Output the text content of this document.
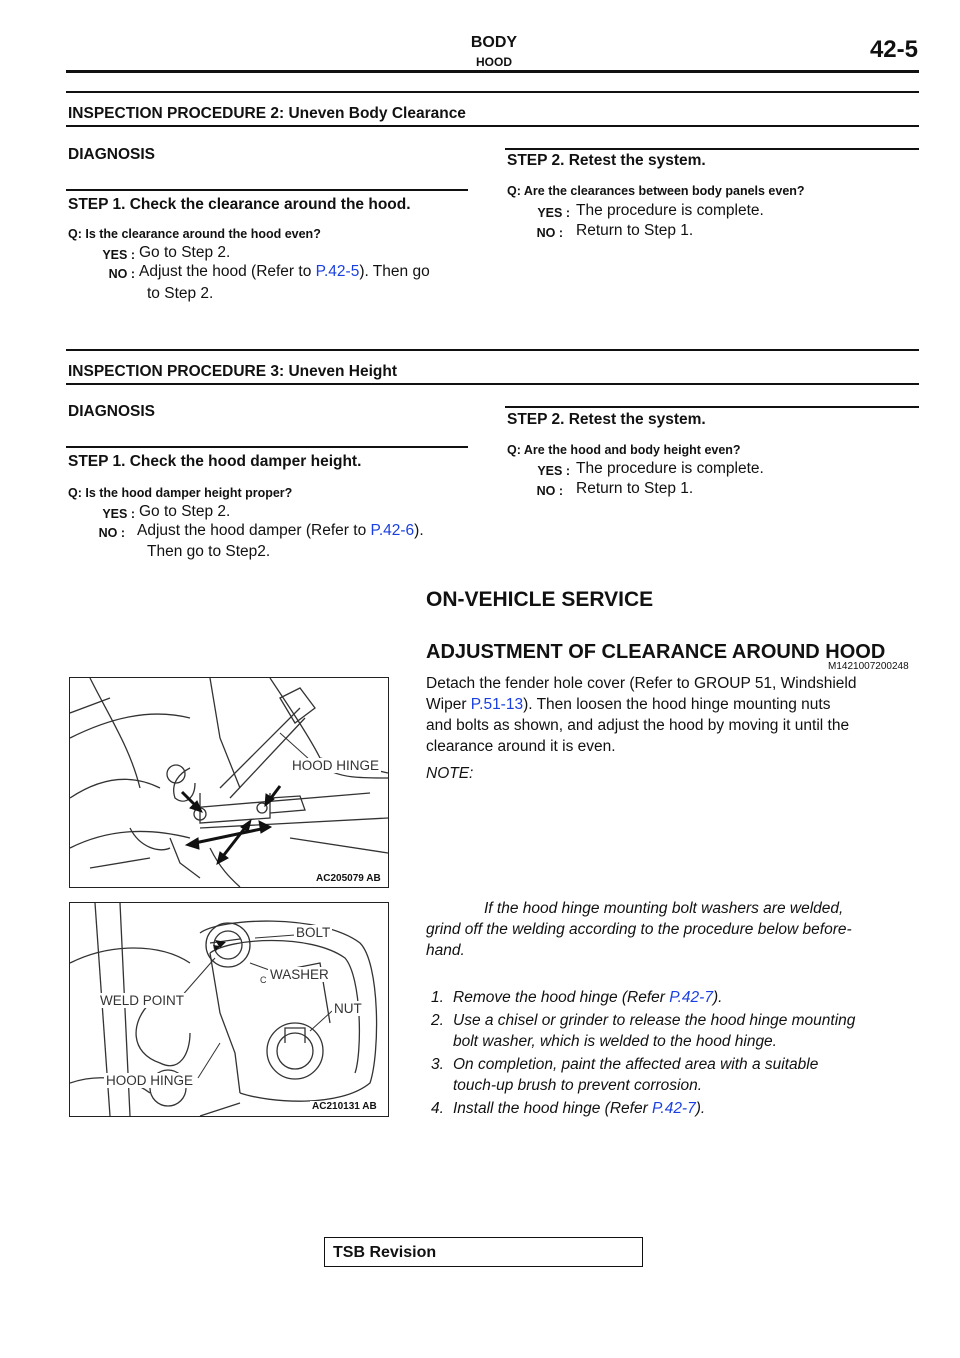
BODY
HOOD	42-5
INSPECTION PROCEDURE 2: Uneven Body Clearance
DIAGNOSIS
STEP 1. Check the clearance around the hood.
Q: Is the clearance around the hood even?
YES : Go to Step 2.
NO : Adjust the hood (Refer to P.42-5). Then go
to Step 2.
STEP 2. Retest the system.
Q: Are the clearances between body panels even?
YES : The procedure is complete.
NO : Return to Step 1.
INSPECTION PROCEDURE 3: Uneven Height
DIAGNOSIS
STEP 1. Check the hood damper height.
Q: Is the hood damper height proper?
YES : Go to Step 2.
NO : Adjust the hood damper (Refer to P.42-6).
Then go to Step2.
STEP 2. Retest the system.
Q: Are the hood and body height even?
YES : The procedure is complete.
NO : Return to Step 1.
ON-VEHICLE SERVICE
ADJUSTMENT OF CLEARANCE AROUND HOOD
M1421007200248
Detach the fender hole cover (Refer to GROUP 51, Windshield
Wiper P.51-13). Then loosen the hood hinge mounting nuts
and bolts as shown, and adjust the hood by moving it until the
clearance around it is even.
NOTE:
If the hood hinge mounting bolt washers are welded,
grind off the welding according to the procedure below before-
hand.
1. Remove the hood hinge (Refer P.42-7).
2. Use a chisel or grinder to release the hood hinge mounting
bolt washer, which is welded to the hood hinge.
3. On completion, paint the affected area with a suitable
touch-up brush to prevent corrosion.
4. Install the hood hinge (Refer P.42-7).
HOOD HINGE
AC205079 AB
BOLT
C WASHER
WELD POINT
NUT
HOOD HINGE
AC210131 AB
TSB Revision
